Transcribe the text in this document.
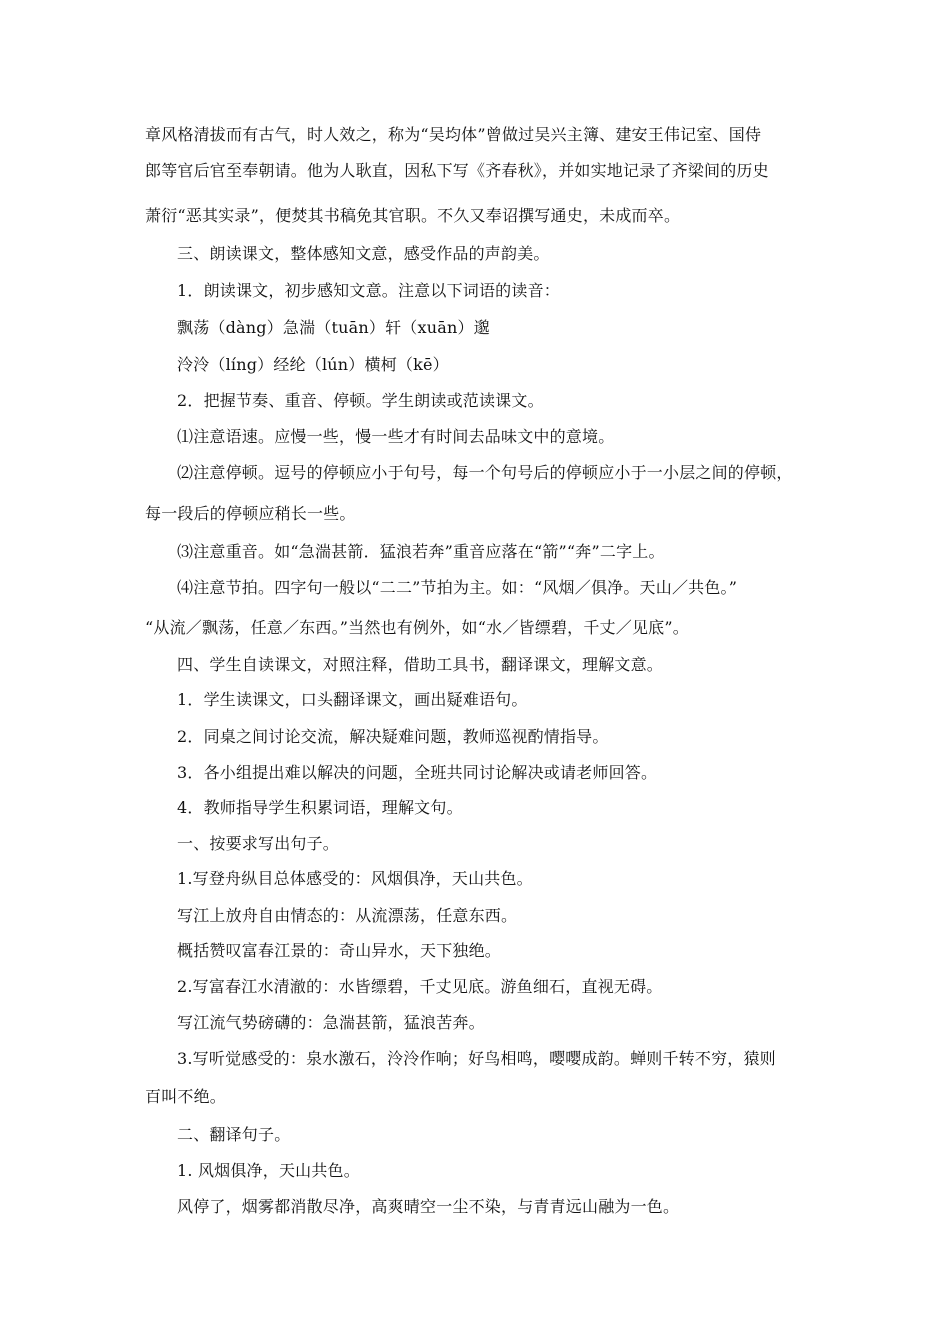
章风格清拔而有古气，时人效之，称为“吴均体”曾做过吴兴主簿、建安王伟记室、国侍
郎等官后官至奉朝请。他为人耿直，因私下写《齐春秋》，并如实地记录了齐梁间的历史
萧衍“恶其实录”，便焚其书稿免其官职。不久又奉诏撰写通史，未成而卒。
三、朗读课文，整体感知文意，感受作品的声韵美。
1．朗读课文，初步感知文意。注意以下词语的读音：
飘荡（dàng）急湍（tuān）轩（xuān）邈
泠泠（líng）经纶（lún）横柯（kē）
2．把握节奏、重音、停顿。学生朗读或范读课文。
⑴注意语速。应慢一些，慢一些才有时间去品味文中的意境。
⑵注意停顿。逗号的停顿应小于句号，每一个句号后的停顿应小于一小层之间的停顿，
每一段后的停顿应稍长一些。
⑶注意重音。如“急湍甚箭．猛浪若奔”重音应落在“箭”“奔”二字上。
⑷注意节拍。四字句一般以“二二”节拍为主。如：“风烟／俱净。天山／共色。”
“从流／飘荡，任意／东西。”当然也有例外，如“水／皆缥碧，千丈／见底”。
四、学生自读课文，对照注释，借助工具书，翻译课文，理解文意。
1．学生读课文，口头翻译课文，画出疑难语句。
2．同桌之间讨论交流，解决疑难问题，教师巡视酌情指导。
3．各小组提出难以解决的问题，全班共同讨论解决或请老师回答。
4．教师指导学生积累词语，理解文句。
一、按要求写出句子。
1.写登舟纵目总体感受的：风烟俱净，天山共色。
写江上放舟自由情态的：从流漂荡，任意东西。
概括赞叹富春江景的：奇山异水，天下独绝。
2.写富春江水清澈的：水皆缥碧，千丈见底。游鱼细石，直视无碍。
写江流气势磅礴的：急湍甚箭，猛浪苦奔。
3.写听觉感受的：泉水激石，泠泠作响；好鸟相鸣，嘤嘤成韵。蝉则千转不穷，猿则
百叫不绝。
二、翻译句子。
1. 风烟俱净，天山共色。
风停了，烟雾都消散尽净，高爽晴空一尘不染，与青青远山融为一色。
